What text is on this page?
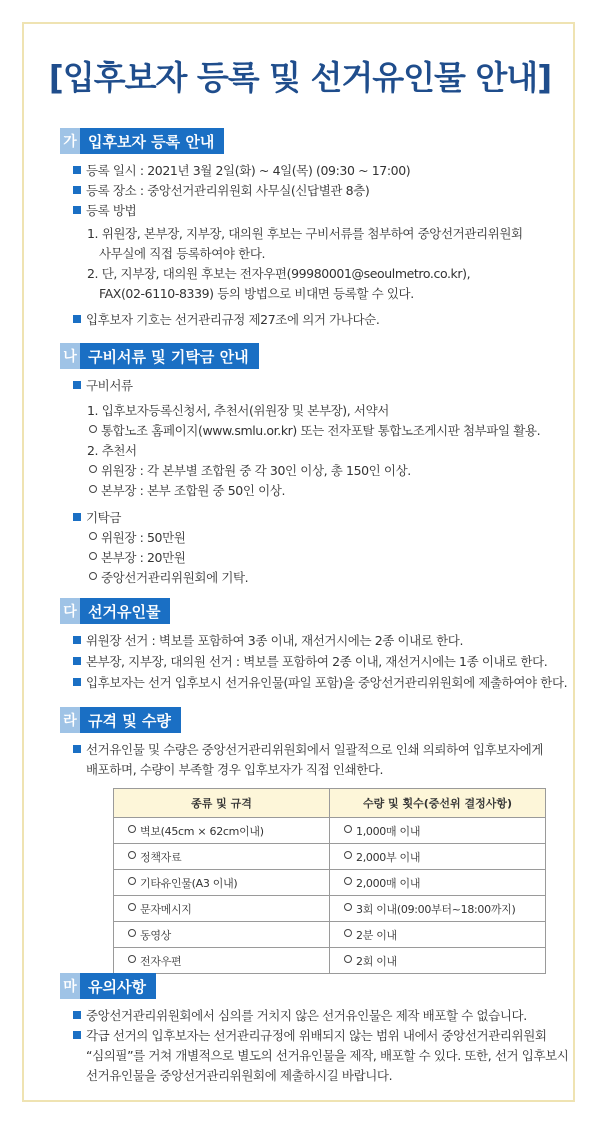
[입후보자 등록 및 선거유인물 안내]
가 입후보자 등록 안내
등록 일시 : 2021년 3월 2일(화) ~ 4일(목) (09:30 ~ 17:00)
등록 장소 : 중앙선거관리위원회 사무실(신답별관 8층)
등록 방법
1. 위원장, 본부장, 지부장, 대의원 후보는 구비서류를 첨부하여 중앙선거관리위원회
사무실에 직접 등록하여야 한다.
2. 단, 지부장, 대의원 후보는 전자우편(99980001@seoulmetro.co.kr),
FAX(02-6110-8339) 등의 방법으로 비대면 등록할 수 있다.
입후보자 기호는 선거관리규정 제27조에 의거 가나다순.
나 구비서류 및 기탁금 안내
구비서류
1. 입후보자등록신청서, 추천서(위원장 및 본부장), 서약서
통합노조 홈페이지(www.smlu.or.kr) 또는 전자포탈 통합노조게시판 첨부파일 활용.
2. 추천서
위원장 : 각 본부별 조합원 중 각 30인 이상, 총 150인 이상.
본부장 : 본부 조합원 중 50인 이상.
기탁금
위원장 : 50만원
본부장 : 20만원
중앙선거관리위원회에 기탁.
다 선거유인물
위원장 선거 : 벽보를 포함하여 3종 이내, 재선거시에는 2종 이내로 한다.
본부장, 지부장, 대의원 선거 : 벽보를 포함하여 2종 이내, 재선거시에는 1종 이내로 한다.
입후보자는 선거 입후보시 선거유인물(파일 포함)을 중앙선거관리위원회에 제출하여야 한다.
라 규격 및 수량
선거유인물 및 수량은 중앙선거관리위원회에서 일괄적으로 인쇄 의뢰하여 입후보자에게
배포하며, 수량이 부족할 경우 입후보자가 직접 인쇄한다.
종류 및 규격	수량 및 횟수(중선위 결정사항)
벽보(45cm × 62cm이내)	1,000매 이내
정책자료	2,000부 이내
기타유인물(A3 이내)	2,000매 이내
문자메시지	3회 이내(09:00부터~18:00까지)
동영상	2분 이내
전자우편	2회 이내
마 유의사항
중앙선거관리위원회에서 심의를 거치지 않은 선거유인물은 제작 배포할 수 없습니다.
각급 선거의 입후보자는 선거관리규정에 위배되지 않는 범위 내에서 중앙선거관리위원회
“심의필”를 거쳐 개별적으로 별도의 선거유인물을 제작, 배포할 수 있다. 또한, 선거 입후보시
선거유인물을 중앙선거관리위원회에 제출하시길 바랍니다.
